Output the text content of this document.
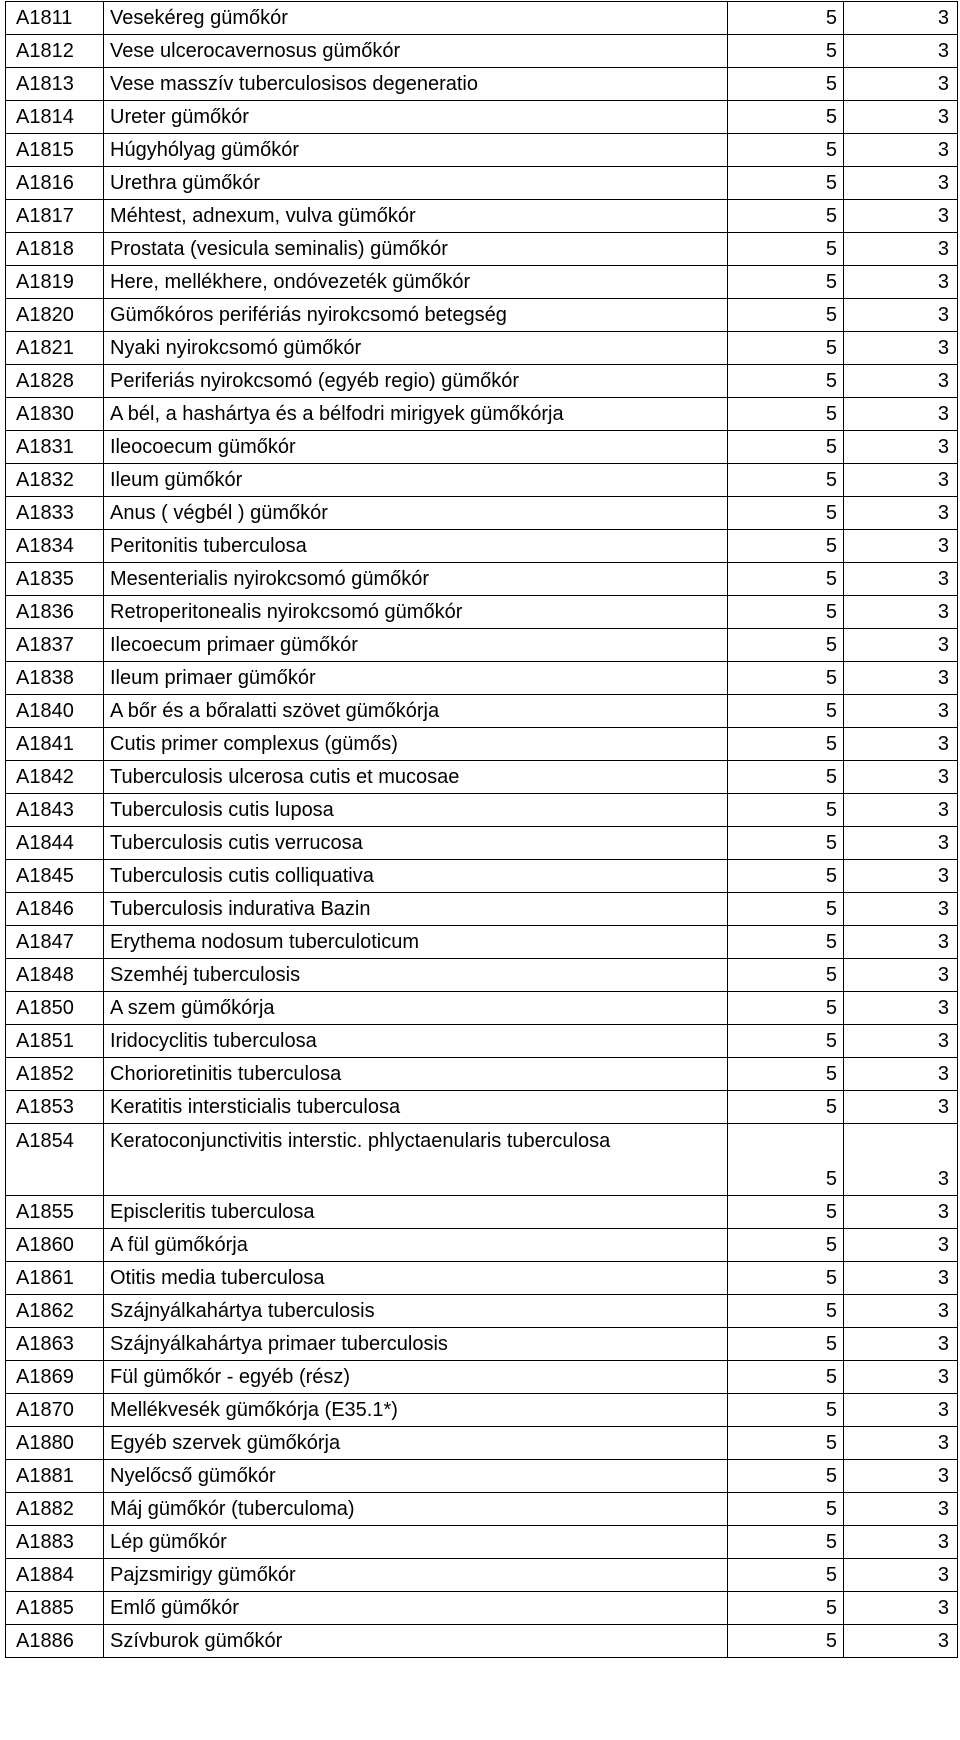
A1811	Vesekéreg gümőkór	5	3
A1812	Vese ulcerocavernosus gümőkór	5	3
A1813	Vese masszív tuberculosisos degeneratio	5	3
A1814	Ureter gümőkór	5	3
A1815	Húgyhólyag gümőkór	5	3
A1816	Urethra gümőkór	5	3
A1817	Méhtest, adnexum, vulva gümőkór	5	3
A1818	Prostata (vesicula seminalis) gümőkór	5	3
A1819	Here, mellékhere, ondóvezeték gümőkór	5	3
A1820	Gümőkóros perifériás nyirokcsomó betegség	5	3
A1821	Nyaki nyirokcsomó gümőkór	5	3
A1828	Periferiás nyirokcsomó (egyéb regio) gümőkór	5	3
A1830	A bél, a hashártya és a bélfodri mirigyek gümőkórja	5	3
A1831	Ileocoecum gümőkór	5	3
A1832	Ileum gümőkór	5	3
A1833	Anus ( végbél ) gümőkór	5	3
A1834	Peritonitis tuberculosa	5	3
A1835	Mesenterialis nyirokcsomó gümőkór	5	3
A1836	Retroperitonealis nyirokcsomó gümőkór	5	3
A1837	Ilecoecum primaer gümőkór	5	3
A1838	Ileum primaer gümőkór	5	3
A1840	A bőr és a bőralatti szövet gümőkórja	5	3
A1841	Cutis primer complexus (gümős)	5	3
A1842	Tuberculosis ulcerosa cutis et mucosae	5	3
A1843	Tuberculosis cutis luposa	5	3
A1844	Tuberculosis cutis verrucosa	5	3
A1845	Tuberculosis cutis colliquativa	5	3
A1846	Tuberculosis indurativa Bazin	5	3
A1847	Erythema nodosum tuberculoticum	5	3
A1848	Szemhéj tuberculosis	5	3
A1850	A szem gümőkórja	5	3
A1851	Iridocyclitis tuberculosa	5	3
A1852	Chorioretinitis tuberculosa	5	3
A1853	Keratitis intersticialis tuberculosa	5	3
A1854	Keratoconjunctivitis interstic. phlyctaenularis tuberculosa	5	3
A1855	Episcleritis tuberculosa	5	3
A1860	A fül gümőkórja	5	3
A1861	Otitis media tuberculosa	5	3
A1862	Szájnyálkahártya tuberculosis	5	3
A1863	Szájnyálkahártya primaer tuberculosis	5	3
A1869	Fül gümőkór - egyéb (rész)	5	3
A1870	Mellékvesék gümőkórja (E35.1*)	5	3
A1880	Egyéb szervek gümőkórja	5	3
A1881	Nyelőcső gümőkór	5	3
A1882	Máj gümőkór (tuberculoma)	5	3
A1883	Lép gümőkór	5	3
A1884	Pajzsmirigy gümőkór	5	3
A1885	Emlő gümőkór	5	3
A1886	Szívburok gümőkór	5	3
